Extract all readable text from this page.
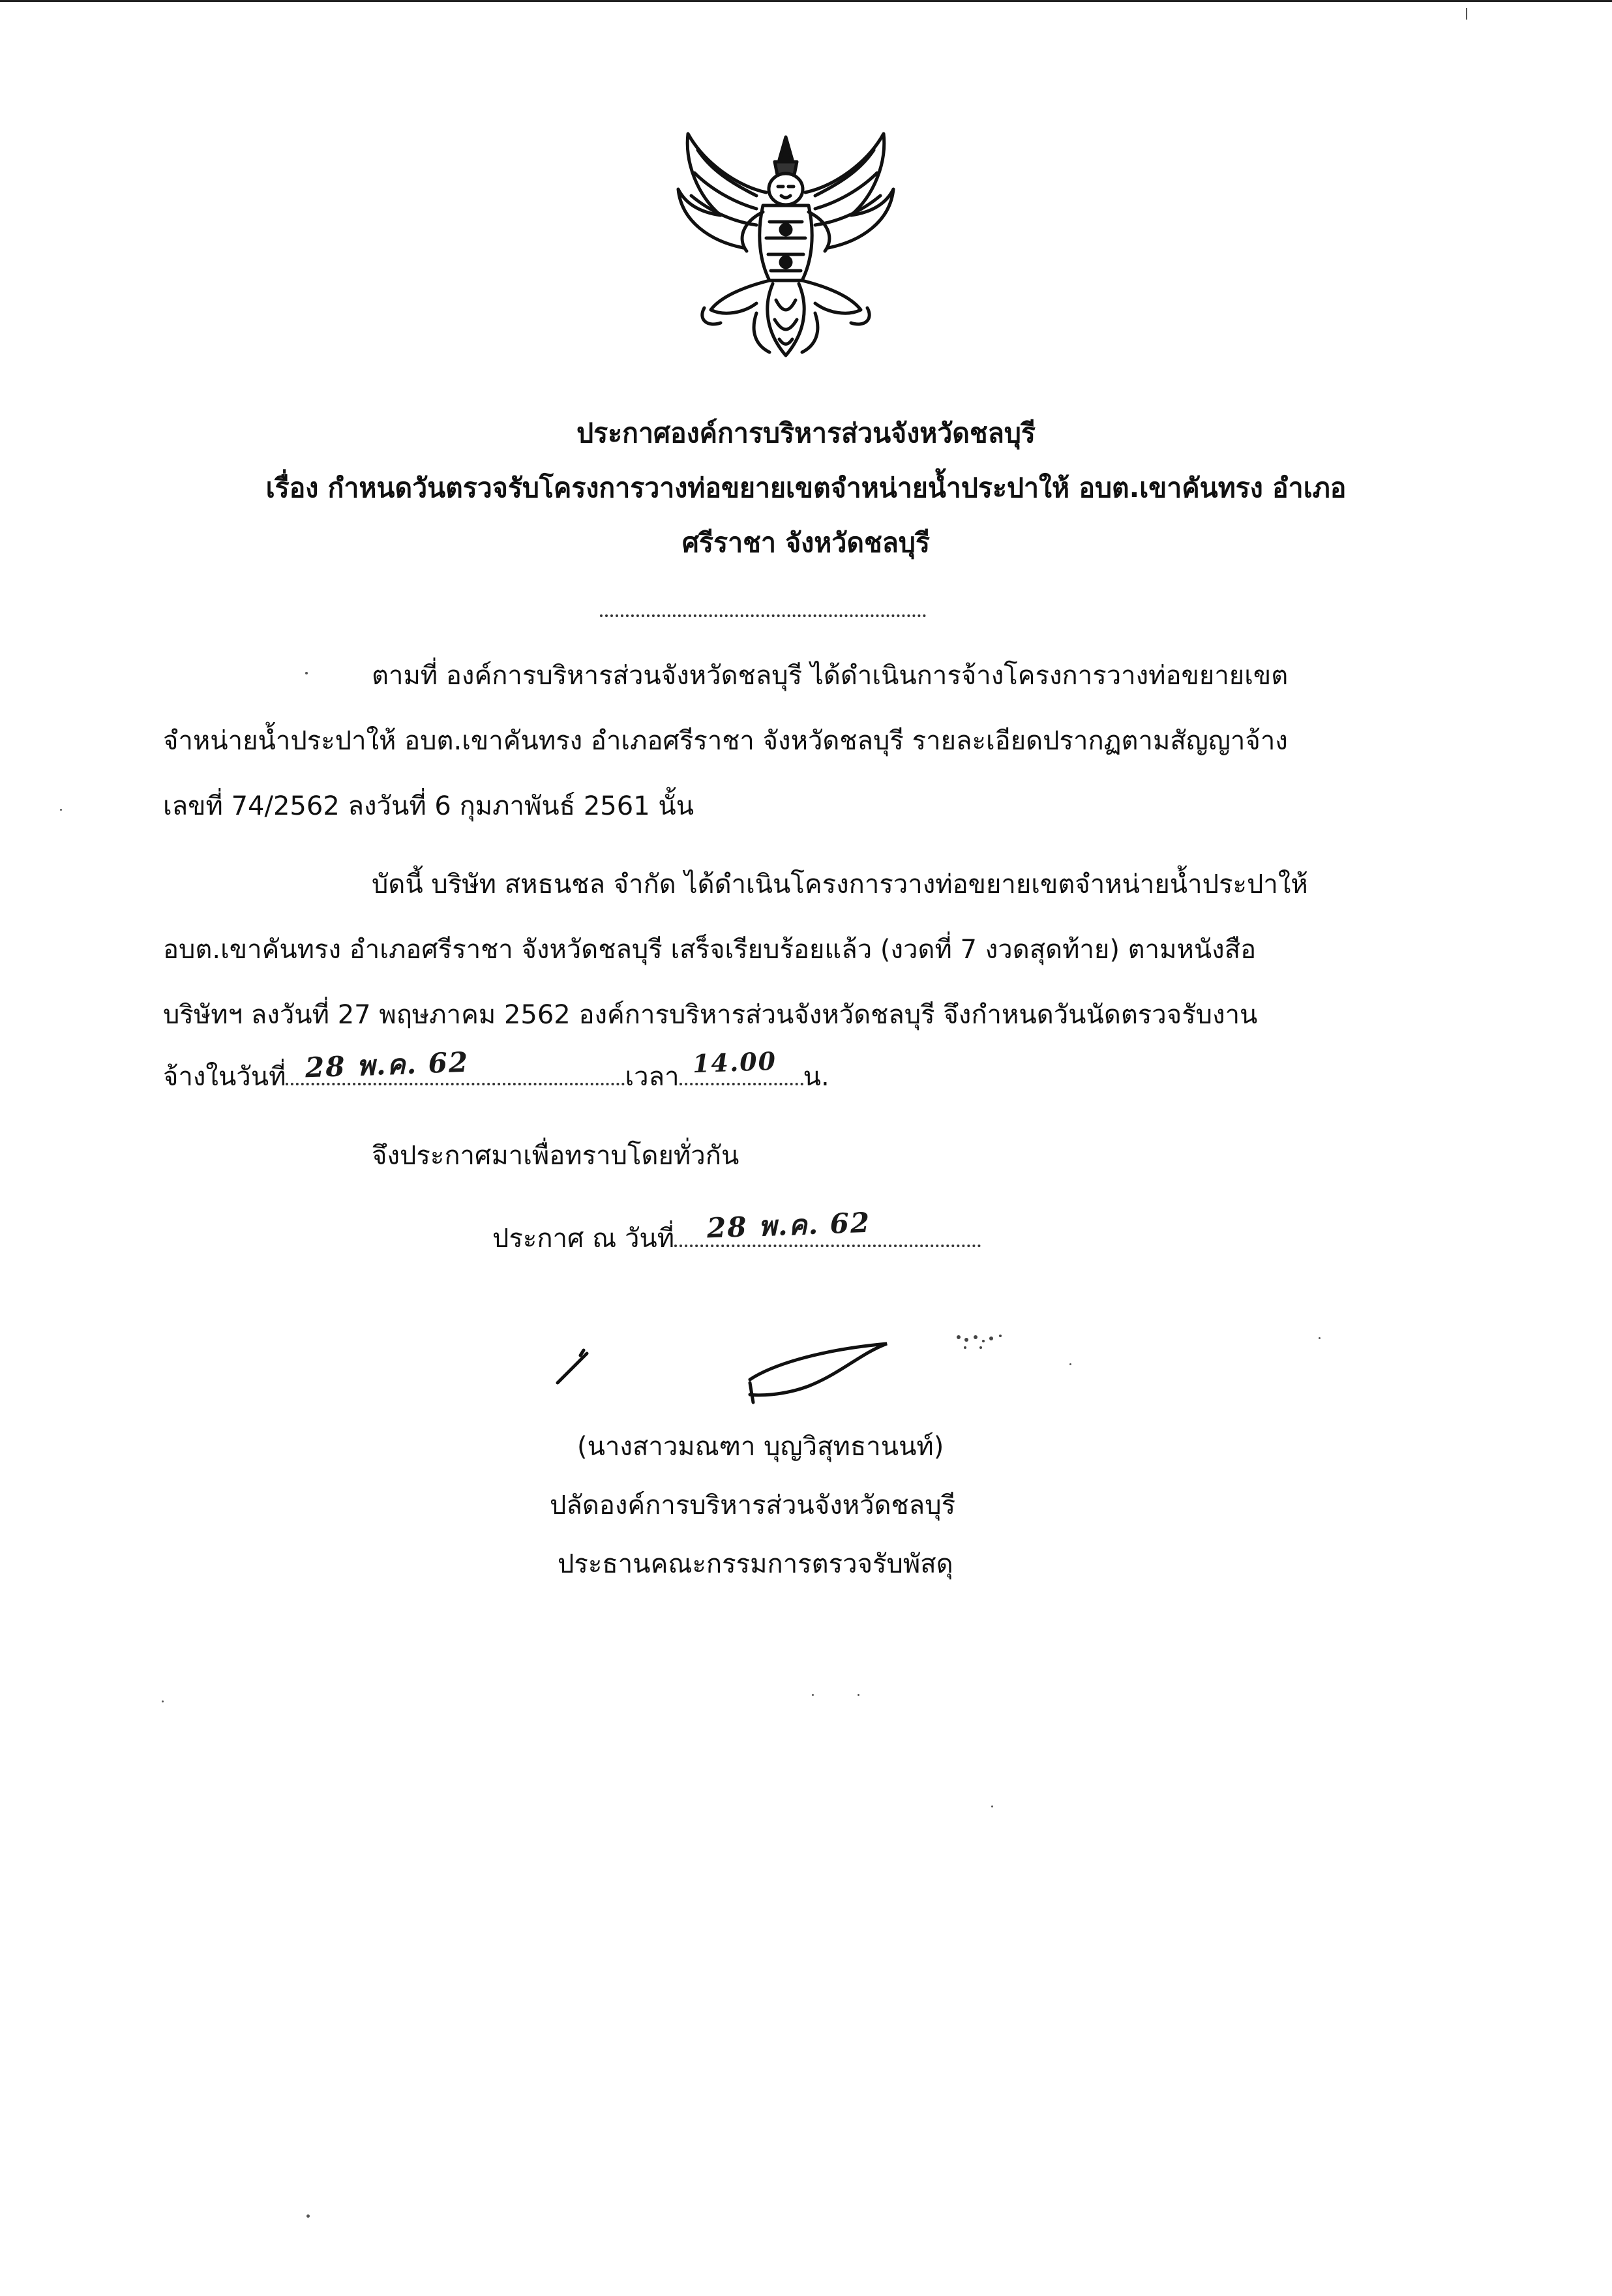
ประกาศองค์การบริหารส่วนจังหวัดชลบุรี
เรื่อง กำหนดวันตรวจรับโครงการวางท่อขยายเขตจำหน่ายน้ำประปาให้ อบต.เขาคันทรง อำเภอ
ศรีราชา จังหวัดชลบุรี
ตามที่ องค์การบริหารส่วนจังหวัดชลบุรี ได้ดำเนินการจ้างโครงการวางท่อขยายเขต
จำหน่ายน้ำประปาให้ อบต.เขาคันทรง อำเภอศรีราชา จังหวัดชลบุรี รายละเอียดปรากฏตามสัญญาจ้าง
เลขที่ 74/2562 ลงวันที่ 6 กุมภาพันธ์ 2561 นั้น
บัดนี้ บริษัท สหธนชล จำกัด ได้ดำเนินโครงการวางท่อขยายเขตจำหน่ายน้ำประปาให้
อบต.เขาคันทรง อำเภอศรีราชา จังหวัดชลบุรี เสร็จเรียบร้อยแล้ว (งวดที่ 7 งวดสุดท้าย) ตามหนังสือ
บริษัทฯ ลงวันที่ 27 พฤษภาคม 2562 องค์การบริหารส่วนจังหวัดชลบุรี จึงกำหนดวันนัดตรวจรับงาน
จ้างในวันที่ 28 พ.ค. 62	เวลา 14.00 น.
จึงประกาศมาเพื่อทราบโดยทั่วกัน
ประกาศ ณ วันที่ 28 พ.ค. 62
(นางสาวมณฑา บุญวิสุทธานนท์)
ปลัดองค์การบริหารส่วนจังหวัดชลบุรี
ประธานคณะกรรมการตรวจรับพัสดุ
